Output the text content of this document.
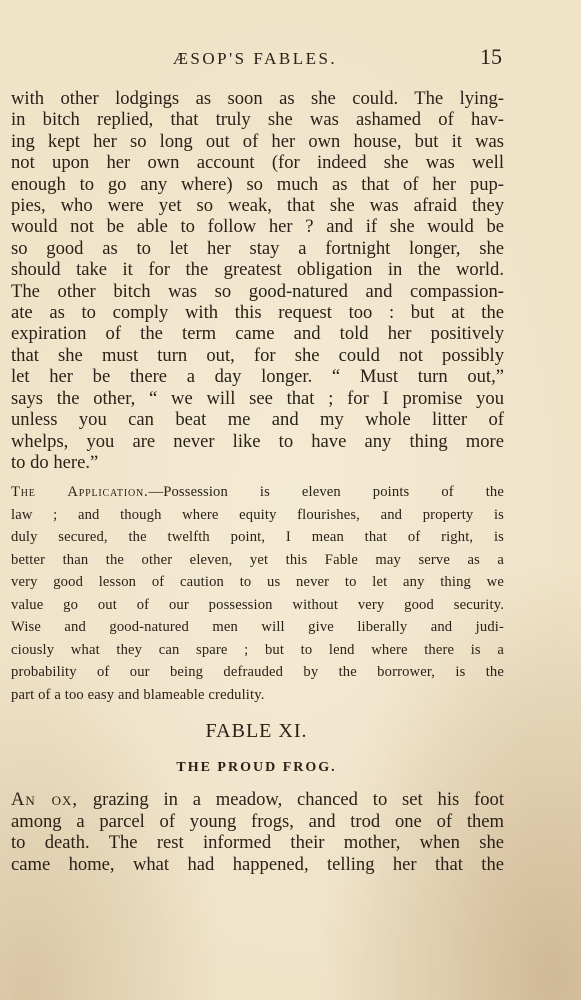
ÆSOP'S FABLES.	15
with other lodgings as soon as she could. The lying-
in bitch replied, that truly she was ashamed of hav-
ing kept her so long out of her own house, but it was
not upon her own account (for indeed she was well
enough to go any where) so much as that of her pup-
pies, who were yet so weak, that she was afraid they
would not be able to follow her ? and if she would be
so good as to let her stay a fortnight longer, she
should take it for the greatest obligation in the world.
The other bitch was so good-natured and compassion-
ate as to comply with this request too : but at the
expiration of the term came and told her positively
that she must turn out, for she could not possibly
let her be there a day longer. “ Must turn out,”
says the other, “ we will see that ; for I promise you
unless you can beat me and my whole litter of
whelps, you are never like to have any thing more
to do here.”
The Application.—Possession is eleven points of the
law ; and though where equity flourishes, and property is
duly secured, the twelfth point, I mean that of right, is
better than the other eleven, yet this Fable may serve as a
very good lesson of caution to us never to let any thing we
value go out of our possession without very good security.
Wise and good-natured men will give liberally and judi-
ciously what they can spare ; but to lend where there is a
probability of our being defrauded by the borrower, is the
part of a too easy and blameable credulity.
FABLE XI.
THE PROUD FROG.
An ox, grazing in a meadow, chanced to set his foot
among a parcel of young frogs, and trod one of them
to death. The rest informed their mother, when she
came home, what had happened, telling her that the
